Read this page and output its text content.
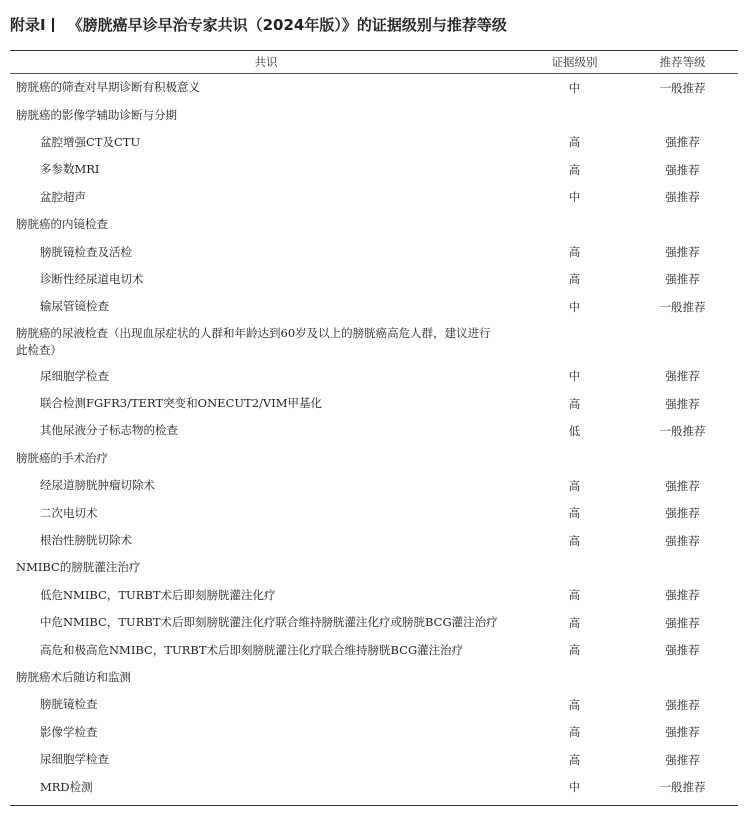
附录Ⅰ 《膀胱癌早诊早治专家共识（2024年版）》的证据级别与推荐等级
共识	证据级别	推荐等级
膀胱癌的筛查对早期诊断有积极意义	中	一般推荐
膀胱癌的影像学辅助诊断与分期
盆腔增强CT及CTU	高	强推荐
多参数MRI	高	强推荐
盆腔超声	中	强推荐
膀胱癌的内镜检查
膀胱镜检查及活检	高	强推荐
诊断性经尿道电切术	高	强推荐
输尿管镜检查	中	一般推荐
膀胱癌的尿液检查（出现血尿症状的人群和年龄达到60岁及以上的膀胱癌高危人群，建议进行此检查）
尿细胞学检查	中	强推荐
联合检测FGFR3/TERT突变和ONECUT2/VIM甲基化	高	强推荐
其他尿液分子标志物的检查	低	一般推荐
膀胱癌的手术治疗
经尿道膀胱肿瘤切除术	高	强推荐
二次电切术	高	强推荐
根治性膀胱切除术	高	强推荐
NMIBC的膀胱灌注治疗
低危NMIBC，TURBT术后即刻膀胱灌注化疗	高	强推荐
中危NMIBC，TURBT术后即刻膀胱灌注化疗联合维持膀胱灌注化疗或膀胱BCG灌注治疗	高	强推荐
高危和极高危NMIBC，TURBT术后即刻膀胱灌注化疗联合维持膀胱BCG灌注治疗	高	强推荐
膀胱癌术后随访和监测
膀胱镜检查	高	强推荐
影像学检查	高	强推荐
尿细胞学检查	高	强推荐
MRD检测	中	一般推荐
